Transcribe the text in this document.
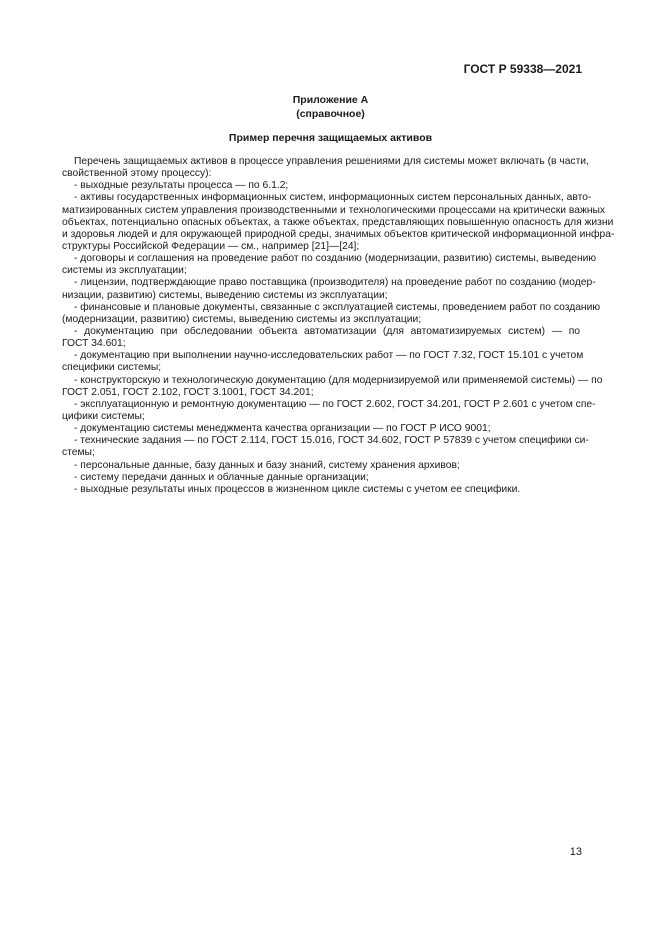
ГОСТ Р 59338—2021
Приложение А
(справочное)
Пример перечня защищаемых активов
Перечень защищаемых активов в процессе управления решениями для системы может включать (в части,
свойственной этому процессу):
- выходные результаты процесса — по 6.1.2;
- активы государственных информационных систем, информационных систем персональных данных, авто-
матизированных систем управления производственными и технологическими процессами на критически важных
объектах, потенциально опасных объектах, а также объектах, представляющих повышенную опасность для жизни
и здоровья людей и для окружающей природной среды, значимых объектов критической информационной инфра-
структуры Российской Федерации — см., например [21]—[24];
- договоры и соглашения на проведение работ по созданию (модернизации, развитию) системы, выведению
системы из эксплуатации;
- лицензии, подтверждающие право поставщика (производителя) на проведение работ по созданию (модер-
низации, развитию) системы, выведению системы из эксплуатации;
- финансовые и плановые документы, связанные с эксплуатацией системы, проведением работ по созданию
(модернизации, развитию) системы, выведению системы из эксплуатации;
- документацию при обследовании объекта автоматизации (для автоматизируемых систем) — по
ГОСТ 34.601;
- документацию при выполнении научно-исследовательских работ — по ГОСТ 7.32, ГОСТ 15.101 с учетом
специфики системы;
- конструкторскую и технологическую документацию (для модернизируемой или применяемой системы) — по
ГОСТ 2.051, ГОСТ 2.102, ГОСТ 3.1001, ГОСТ 34.201;
- эксплуатационную и ремонтную документацию — по ГОСТ 2.602, ГОСТ 34.201, ГОСТ Р 2.601 с учетом спе-
цифики системы;
- документацию системы менеджмента качества организации — по ГОСТ Р ИСО 9001;
- технические задания — по ГОСТ 2.114, ГОСТ 15.016, ГОСТ 34.602, ГОСТ Р 57839 с учетом специфики си-
стемы;
- персональные данные, базу данных и базу знаний, систему хранения архивов;
- систему передачи данных и облачные данные организации;
- выходные результаты иных процессов в жизненном цикле системы с учетом ее специфики.
13
